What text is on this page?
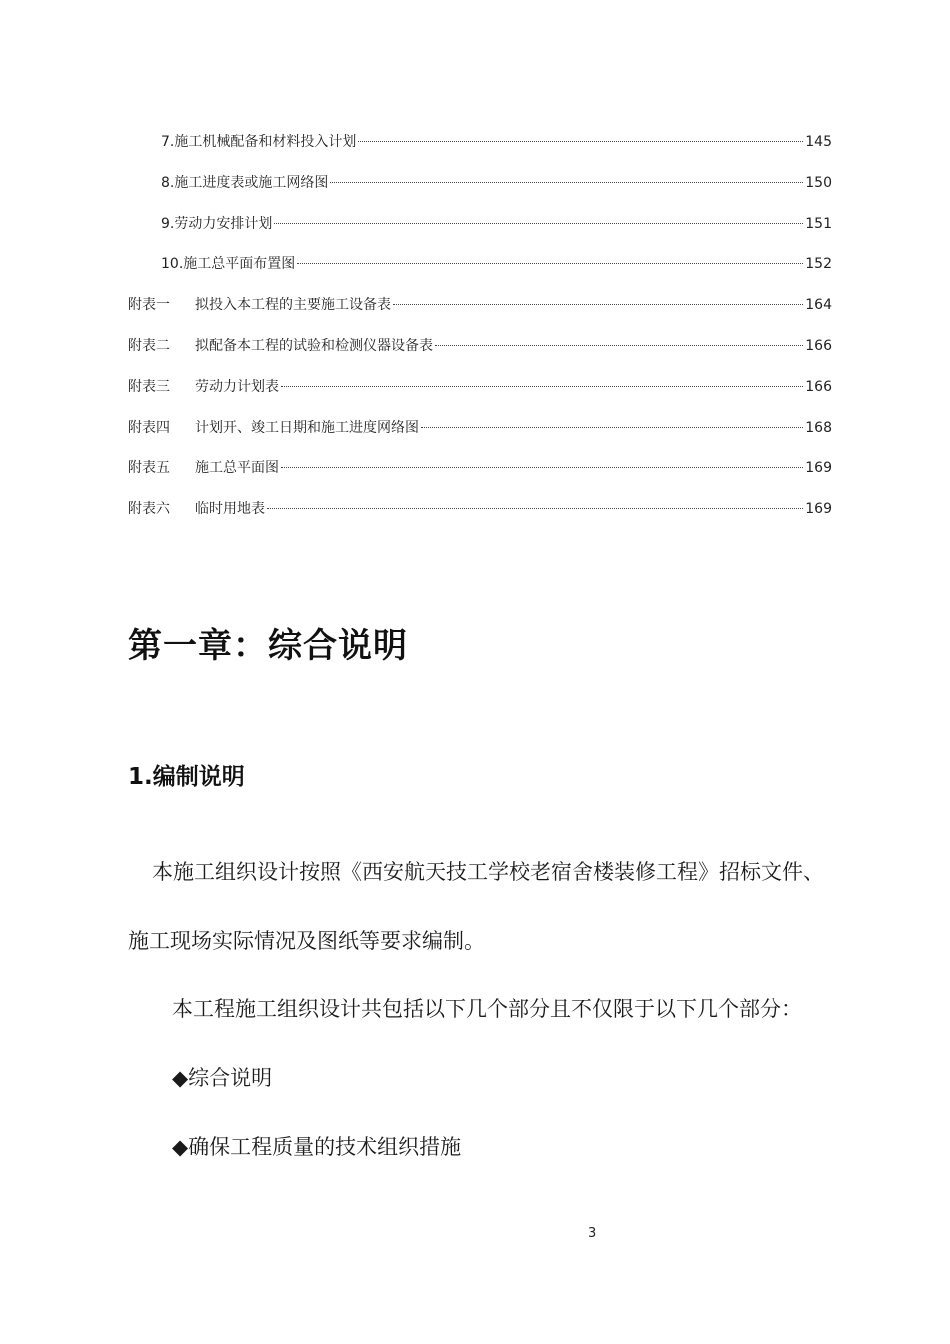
7.施工机械配备和材料投入计划	145
8.施工进度表或施工网络图	150
9.劳动力安排计划	151
10.施工总平面布置图	152
附表一	拟投入本工程的主要施工设备表	164
附表二	拟配备本工程的试验和检测仪器设备表	166
附表三	劳动力计划表	166
附表四	计划开、竣工日期和施工进度网络图	168
附表五	施工总平面图	169
附表六	临时用地表	169
第一章：综合说明
1.编制说明

本施工组织设计按照《西安航天技工学校老宿舍楼装修工程》招标文件、施工现场实际情况及图纸等要求编制。

本工程施工组织设计共包括以下几个部分且不仅限于以下几个部分：

◆综合说明

◆确保工程质量的技术组织措施

3
